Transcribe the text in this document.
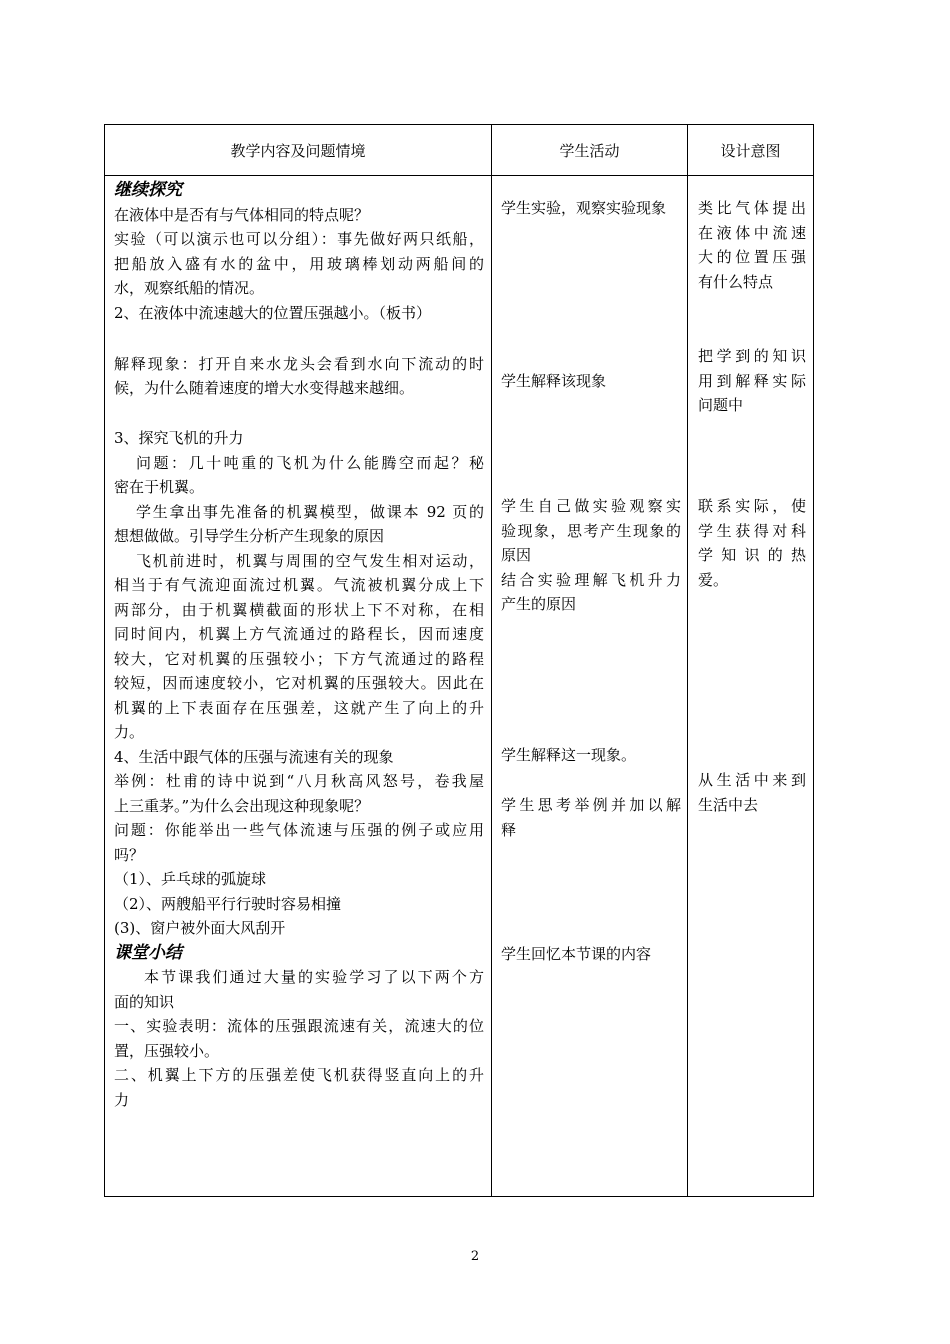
教学内容及问题情境	学生活动	设计意图
继续探究
在液体中是否有与气体相同的特点呢？
实验（可以演示也可以分组）：事先做好两只纸船，
把船放入盛有水的盆中，用玻璃棒划动两船间的
水，观察纸船的情况。
2、在液体中流速越大的位置压强越小。（板书）
解释现象：打开自来水龙头会看到水向下流动的时
候，为什么随着速度的增大水变得越来越细。
3、探究飞机的升力
问题：几十吨重的飞机为什么能腾空而起？秘
密在于机翼。
学生拿出事先准备的机翼模型，做课本 92 页的
想想做做。引导学生分析产生现象的原因
飞机前进时，机翼与周围的空气发生相对运动，
相当于有气流迎面流过机翼。气流被机翼分成上下
两部分，由于机翼横截面的形状上下不对称，在相
同时间内，机翼上方气流通过的路程长，因而速度
较大，它对机翼的压强较小；下方气流通过的路程
较短，因而速度较小，它对机翼的压强较大。因此在
机翼的上下表面存在压强差，这就产生了向上的升
力。
4、生活中跟气体的压强与流速有关的现象
举例：杜甫的诗中说到“八月秋高风怒号，卷我屋
上三重茅。”为什么会出现这种现象呢？
问题：你能举出一些气体流速与压强的例子或应用
吗？
（1）、乒乓球的弧旋球
（2）、两艘船平行行驶时容易相撞
(3)、窗户被外面大风刮开
课堂小结
本节课我们通过大量的实验学习了以下两个方
面的知识
一、实验表明：流体的压强跟流速有关，流速大的位
置，压强较小。
二、机翼上下方的压强差使飞机获得竖直向上的升
力
学生实验，观察实验现象
学生解释该现象
学生自己做实验观察实
验现象，思考产生现象的
原因
结合实验理解飞机升力
产生的原因
学生解释这一现象。
学生思考举例并加以解
释
学生回忆本节课的内容
类比气体提出
在液体中流速
大的位置压强
有什么特点
把学到的知识
用到解释实际
问题中
联系实际，使
学生获得对科
学知识的热
爱。
从生活中来到
生活中去
2
